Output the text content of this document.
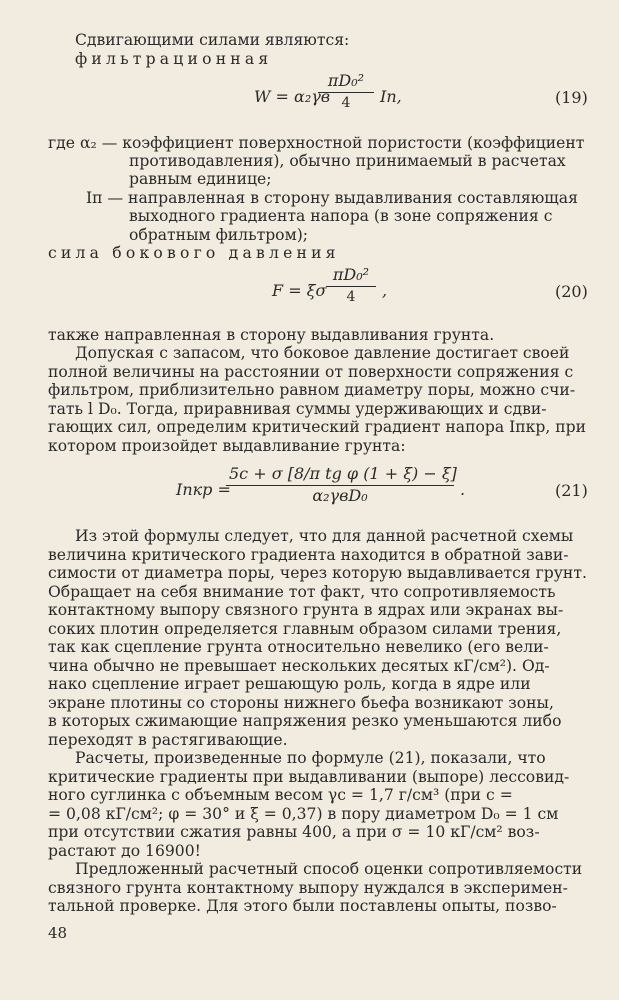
Сдвигающими силами являются:
фильтрационная
W = α₂γв
$\frac{\text{πD₀²}}{4}$ Iп,	(19)
где α₂ — коэффициент поверхностной пористости (коэффициент
противодавления), обычно принимаемый в расчетах
равным единице;
Iп — направленная в сторону выдавливания составляющая
выходного градиента напора (в зоне сопряжения с
обратным фильтром);
сила бокового давления
F = ξσ $\frac{\text{πD₀²}}{4}$ ,	(20)
также направленная в сторону выдавливания грунта.
Допуская с запасом, что боковое давление достигает своей
полной величины на расстоянии от поверхности сопряжения с
фильтром, приблизительно равном диаметру поры, можно счи-
тать l D₀. Тогда, приравнивая суммы удерживающих и сдви-
гающих сил, определим критический градиент напора Iпкр, при
котором произойдет выдавливание грунта:
Iпкр =
5c + σ [8/π tg φ (1 + ξ) − ξ]
α₂γвD₀	.	(21)
Из этой формулы следует, что для данной расчетной схемы
величина критического градиента находится в обратной зави-
симости от диаметра поры, через которую выдавливается грунт.
Обращает на себя внимание тот факт, что сопротивляемость
контактному выпору связного грунта в ядрах или экранах вы-
соких плотин определяется главным образом силами трения,
так как сцепление грунта относительно невелико (его вели-
чина обычно не превышает нескольких десятых кГ/см²). Од-
нако сцепление играет решающую роль, когда в ядре или
экране плотины со стороны нижнего бьефа возникают зоны,
в которых сжимающие напряжения резко уменьшаются либо
переходят в растягивающие.
Расчеты, произведенные по формуле (21), показали, что
критические градиенты при выдавливании (выпоре) лессовид-
ного суглинка с объемным весом γc = 1,7 г/см³ (при c =
= 0,08 кГ/см²; φ = 30° и ξ = 0,37) в пору диаметром D₀ = 1 см
при отсутствии сжатия равны 400, а при σ = 10 кГ/см² воз-
растают до 16900!
Предложенный расчетный способ оценки сопротивляемости
связного грунта контактному выпору нуждался в эксперимен-
тальной проверке. Для этого были поставлены опыты, позво-
48
